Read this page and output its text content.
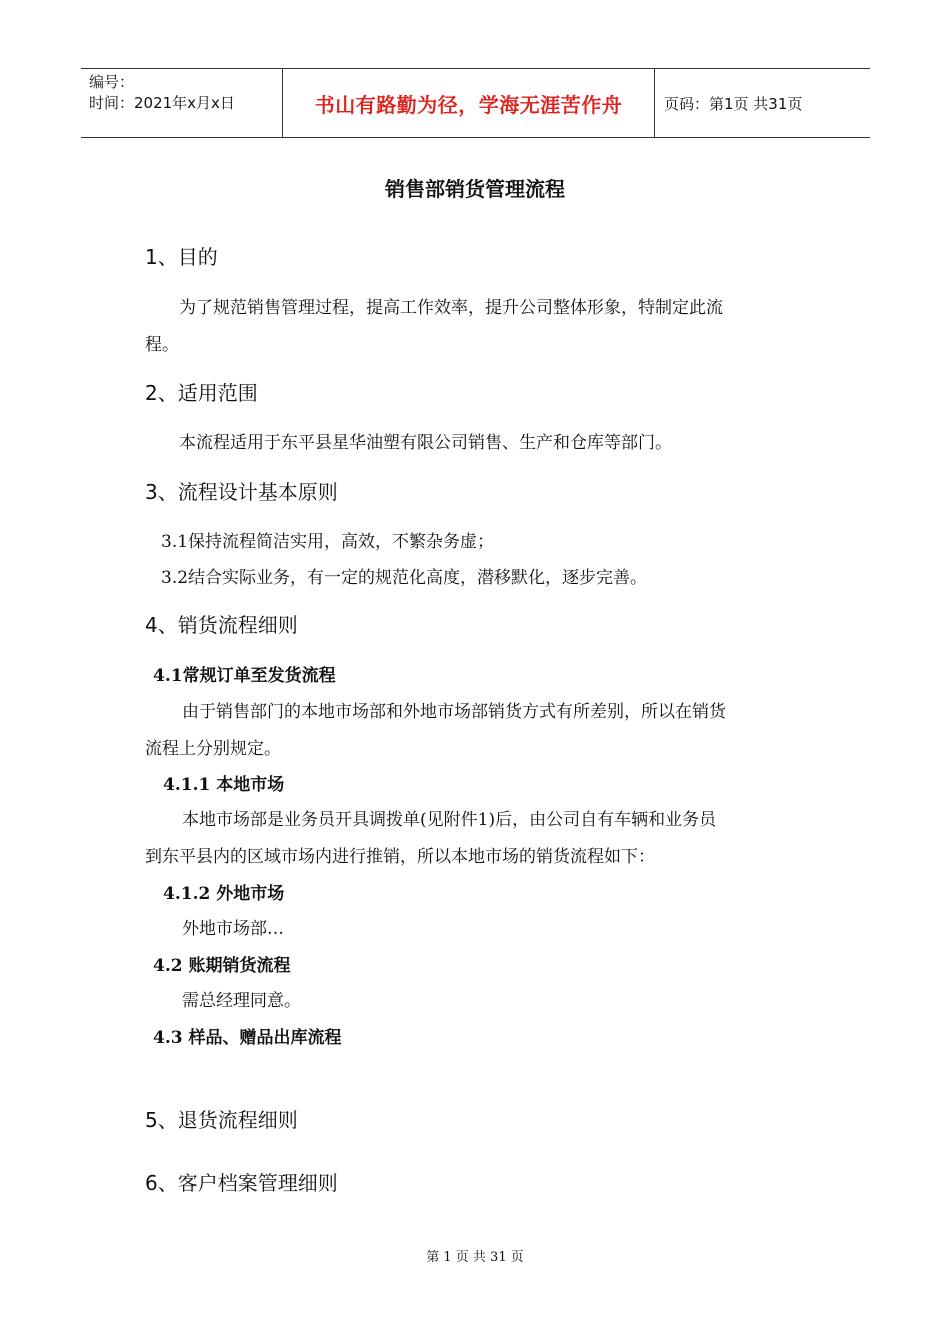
编号：
时间：2021年x月x日	书山有路勤为径，学海无涯苦作舟	页码：第1页 共31页
销售部销货管理流程
1、目的
为了规范销售管理过程，提高工作效率，提升公司整体形象，特制定此流
程。
2、适用范围
本流程适用于东平县星华油塑有限公司销售、生产和仓库等部门。
3、流程设计基本原则
3.1保持流程简洁实用，高效，不繁杂务虚；
3.2结合实际业务，有一定的规范化高度，潜移默化，逐步完善。
4、销货流程细则
4.1常规订单至发货流程
由于销售部门的本地市场部和外地市场部销货方式有所差别，所以在销货
流程上分别规定。
4.1.1 本地市场
本地市场部是业务员开具调拨单(见附件1)后，由公司自有车辆和业务员
到东平县内的区域市场内进行推销，所以本地市场的销货流程如下：
4.1.2 外地市场
外地市场部…
4.2 账期销货流程
需总经理同意。
4.3 样品、赠品出库流程
5、退货流程细则
6、客户档案管理细则
第 1 页 共 31 页
